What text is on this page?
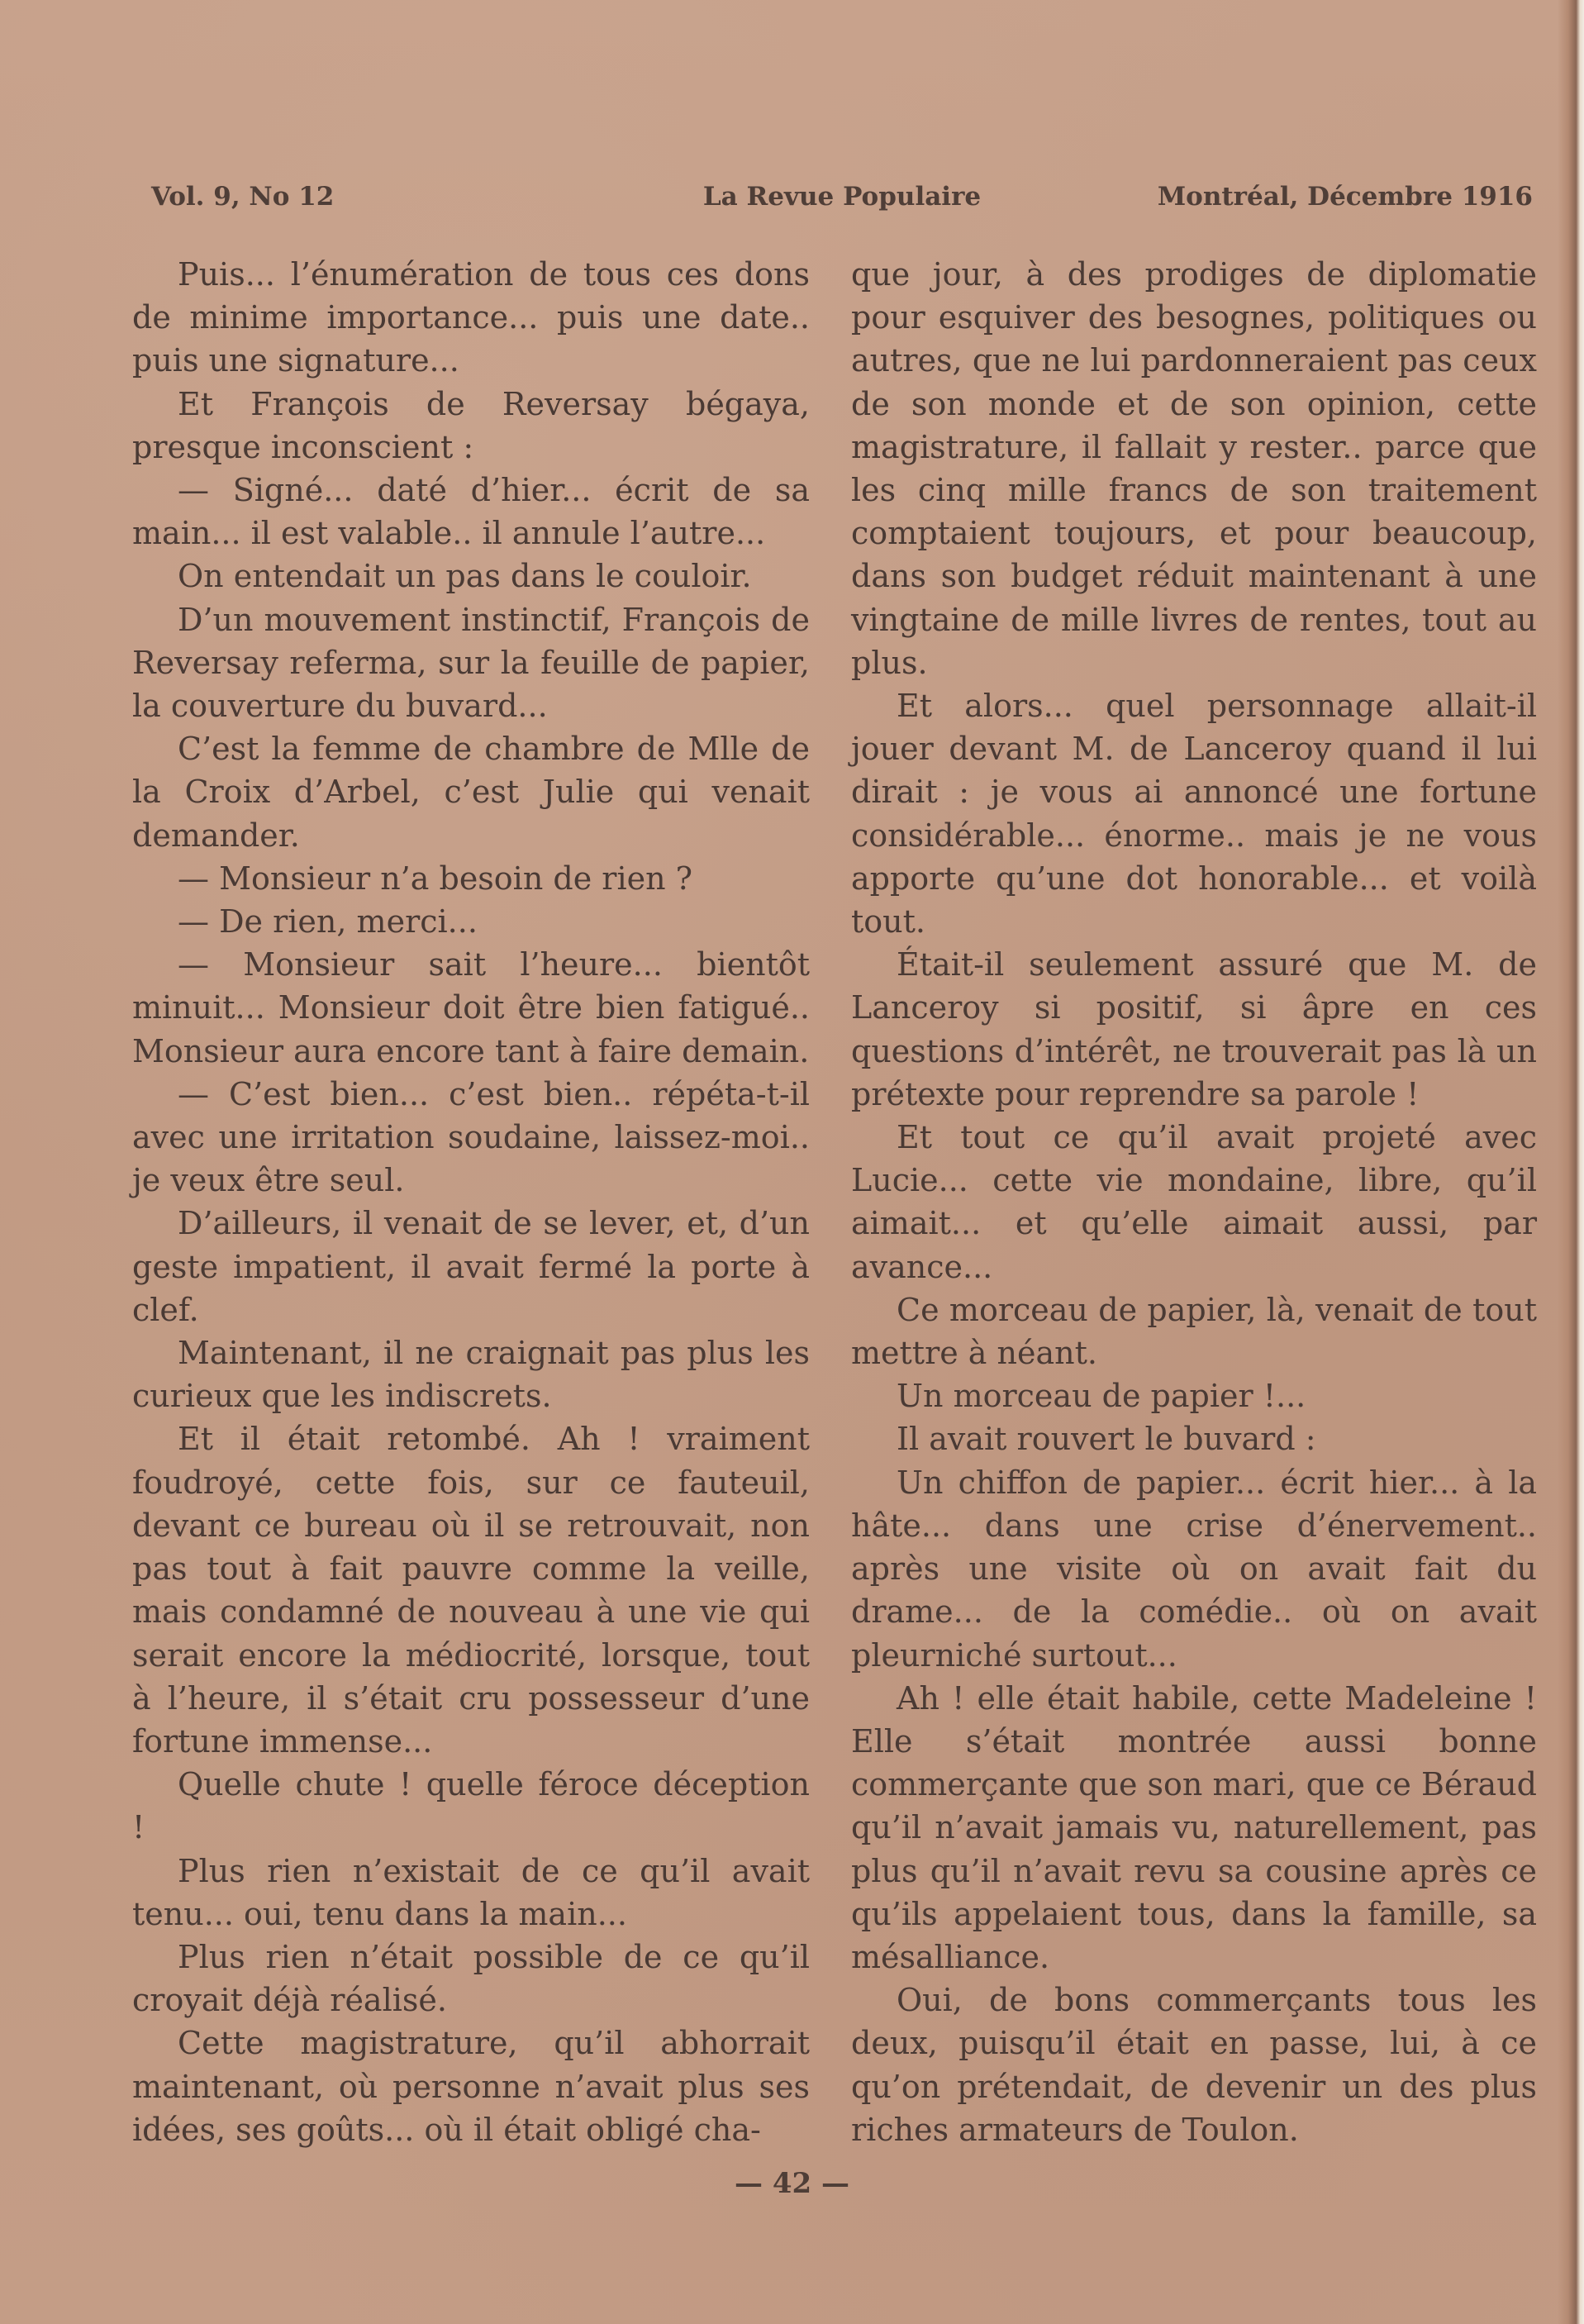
Vol. 9, No 12	La Revue Populaire	Montréal, Décembre 1916

Puis... l’énumération de tous ces dons de minime importance... puis une date.. puis une signature...

Et François de Reversay bégaya, presque inconscient :

— Signé... daté d’hier... écrit de sa main... il est valable.. il annule l’autre...

On entendait un pas dans le couloir.

D’un mouvement instinctif, François de Reversay referma, sur la feuille de papier, la couverture du buvard...

C’est la femme de chambre de Mlle de la Croix d’Arbel, c’est Julie qui venait demander.

— Monsieur n’a besoin de rien ?

— De rien, merci...

— Monsieur sait l’heure... bientôt minuit... Monsieur doit être bien fatigué.. Monsieur aura encore tant à faire demain.

— C’est bien... c’est bien.. répéta-t-il avec une irritation soudaine, laissez-moi.. je veux être seul.

D’ailleurs, il venait de se lever, et, d’un geste impatient, il avait fermé la porte à clef.

Maintenant, il ne craignait pas plus les curieux que les indiscrets.

Et il était retombé. Ah ! vraiment foudroyé, cette fois, sur ce fauteuil, devant ce bureau où il se retrouvait, non pas tout à fait pauvre comme la veille, mais condamné de nouveau à une vie qui serait encore la médiocrité, lorsque, tout à l’heure, il s’était cru possesseur d’une fortune immense...

Quelle chute ! quelle féroce déception !

Plus rien n’existait de ce qu’il avait tenu... oui, tenu dans la main...

Plus rien n’était possible de ce qu’il croyait déjà réalisé.

Cette magistrature, qu’il abhorrait maintenant, où personne n’avait plus ses idées, ses goûts... où il était obligé cha-

que jour, à des prodiges de diplomatie pour esquiver des besognes, politiques ou autres, que ne lui pardonneraient pas ceux de son monde et de son opinion, cette magistrature, il fallait y rester.. parce que les cinq mille francs de son traitement comptaient toujours, et pour beaucoup, dans son budget réduit maintenant à une vingtaine de mille livres de rentes, tout au plus.

Et alors... quel personnage allait-il jouer devant M. de Lanceroy quand il lui dirait : je vous ai annoncé une fortune considérable... énorme.. mais je ne vous apporte qu’une dot honorable... et voilà tout.

Était-il seulement assuré que M. de Lanceroy si positif, si âpre en ces questions d’intérêt, ne trouverait pas là un prétexte pour reprendre sa parole !

Et tout ce qu’il avait projeté avec Lucie... cette vie mondaine, libre, qu’il aimait... et qu’elle aimait aussi, par avance...

Ce morceau de papier, là, venait de tout mettre à néant.

Un morceau de papier !...

Il avait rouvert le buvard :

Un chiffon de papier... écrit hier... à la hâte... dans une crise d’énervement.. après une visite où on avait fait du drame... de la comédie.. où on avait pleurniché surtout...

Ah ! elle était habile, cette Madeleine ! Elle s’était montrée aussi bonne commerçante que son mari, que ce Béraud qu’il n’avait jamais vu, naturellement, pas plus qu’il n’avait revu sa cousine après ce qu’ils appelaient tous, dans la famille, sa mésalliance.

Oui, de bons commerçants tous les deux, puisqu’il était en passe, lui, à ce qu’on prétendait, de devenir un des plus riches armateurs de Toulon.

— 42 —
